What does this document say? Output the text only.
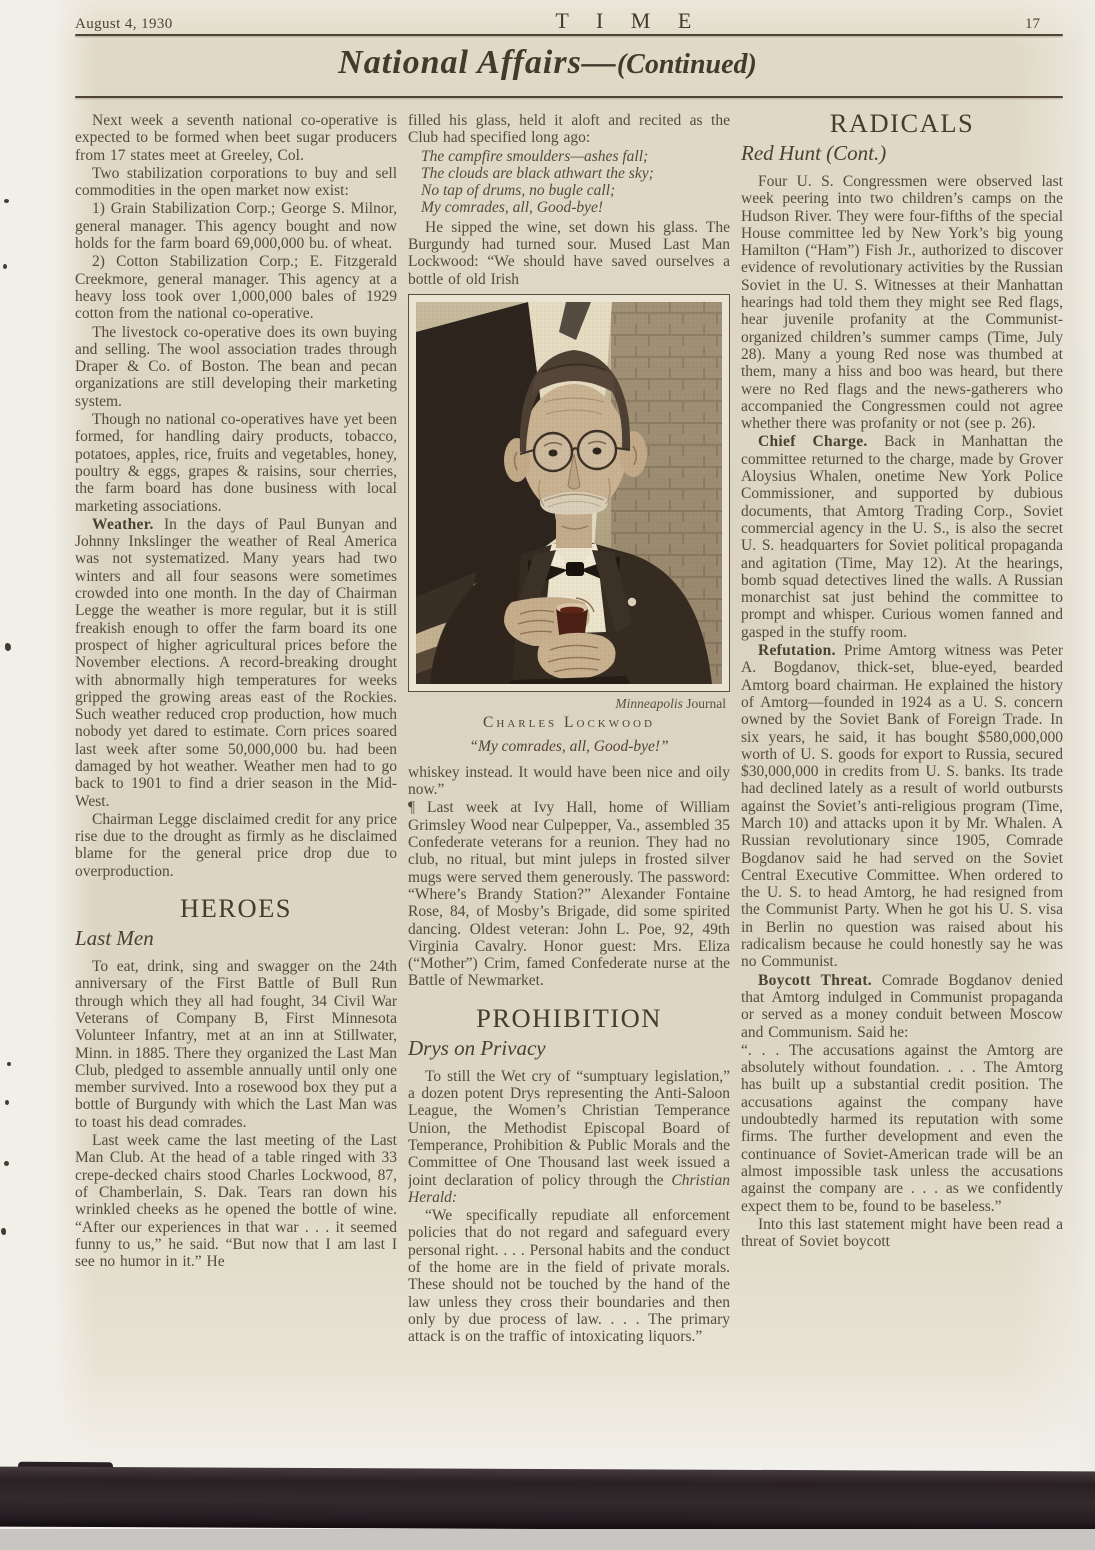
August 4, 1930	T I M E	17
National Affairs—(Continued)

Next week a seventh national co-operative is expected to be formed when beet sugar producers from 17 states meet at Greeley, Col.

Two stabilization corporations to buy and sell commodities in the open market now exist:

1) Grain Stabilization Corp.; George S. Milnor, general manager. This agency bought and now holds for the farm board 69,000,000 bu. of wheat.

2) Cotton Stabilization Corp.; E. Fitzgerald Creekmore, general manager. This agency at a heavy loss took over 1,000,000 bales of 1929 cotton from the national co-operative.

The livestock co-operative does its own buying and selling. The wool association trades through Draper & Co. of Boston. The bean and pecan organizations are still developing their marketing system.

Though no national co-operatives have yet been formed, for handling dairy products, tobacco, potatoes, apples, rice, fruits and vegetables, honey, poultry & eggs, grapes & raisins, sour cherries, the farm board has done business with local marketing associations.

Weather. In the days of Paul Bunyan and Johnny Inkslinger the weather of Real America was not systematized. Many years had two winters and all four seasons were sometimes crowded into one month. In the day of Chairman Legge the weather is more regular, but it is still freakish enough to offer the farm board its one prospect of higher agricultural prices before the November elections. A record-breaking drought with abnormally high temperatures for weeks gripped the growing areas east of the Rockies. Such weather reduced crop production, how much nobody yet dared to estimate. Corn prices soared last week after some 50,000,000 bu. had been damaged by hot weather. Weather men had to go back to 1901 to find a drier season in the Mid-West.

Chairman Legge disclaimed credit for any price rise due to the drought as firmly as he disclaimed blame for the general price drop due to overproduction.

HEROES
Last Men

To eat, drink, sing and swagger on the 24th anniversary of the First Battle of Bull Run through which they all had fought, 34 Civil War Veterans of Company B, First Minnesota Volunteer Infantry, met at an inn at Stillwater, Minn. in 1885. There they organized the Last Man Club, pledged to assemble annually until only one member survived. Into a rosewood box they put a bottle of Burgundy with which the Last Man was to toast his dead comrades.

Last week came the last meeting of the Last Man Club. At the head of a table ringed with 33 crepe-decked chairs stood Charles Lockwood, 87, of Chamberlain, S. Dak. Tears ran down his wrinkled cheeks as he opened the bottle of wine. “After our experiences in that war . . . it seemed funny to us,” he said. “But now that I am last I see no humor in it.” He

filled his glass, held it aloft and recited as the Club had specified long ago:

The campfire smoulders—ashes fall;
The clouds are black athwart the sky;
No tap of drums, no bugle call;
My comrades, all, Good-bye!

He sipped the wine, set down his glass. The Burgundy had turned sour. Mused Last Man Lockwood: “We should have saved ourselves a bottle of old Irish

Minneapolis Journal
Charles Lockwood
“My comrades, all, Good-bye!”

whiskey instead. It would have been nice and oily now.”

¶ Last week at Ivy Hall, home of William Grimsley Wood near Culpepper, Va., assembled 35 Confederate veterans for a reunion. They had no club, no ritual, but mint juleps in frosted silver mugs were served them generously. The password: “Where’s Brandy Station?” Alexander Fontaine Rose, 84, of Mosby’s Brigade, did some spirited dancing. Oldest veteran: John L. Poe, 92, 49th Virginia Cavalry. Honor guest: Mrs. Eliza (“Mother”) Crim, famed Confederate nurse at the Battle of Newmarket.

PROHIBITION
Drys on Privacy

To still the Wet cry of “sumptuary legislation,” a dozen potent Drys representing the Anti-Saloon League, the Women’s Christian Temperance Union, the Methodist Episcopal Board of Temperance, Prohibition & Public Morals and the Committee of One Thousand last week issued a joint declaration of policy through the Christian Herald:

“We specifically repudiate all enforcement policies that do not regard and safeguard every personal right. . . . Personal habits and the conduct of the home are in the field of private morals. These should not be touched by the hand of the law unless they cross their boundaries and then only by due process of law. . . . The primary attack is on the traffic of intoxicating liquors.”

RADICALS
Red Hunt (Cont.)

Four U. S. Congressmen were observed last week peering into two children’s camps on the Hudson River. They were four-fifths of the special House committee led by New York’s big young Hamilton (“Ham”) Fish Jr., authorized to discover evidence of revolutionary activities by the Russian Soviet in the U. S. Witnesses at their Manhattan hearings had told them they might see Red flags, hear juvenile profanity at the Communist-organized children’s summer camps (Time, July 28). Many a young Red nose was thumbed at them, many a hiss and boo was heard, but there were no Red flags and the news-gatherers who accompanied the Congressmen could not agree whether there was profanity or not (see p. 26).

Chief Charge. Back in Manhattan the committee returned to the charge, made by Grover Aloysius Whalen, onetime New York Police Commissioner, and supported by dubious documents, that Amtorg Trading Corp., Soviet commercial agency in the U. S., is also the secret U. S. headquarters for Soviet political propaganda and agitation (Time, May 12). At the hearings, bomb squad detectives lined the walls. A Russian monarchist sat just behind the committee to prompt and whisper. Curious women fanned and gasped in the stuffy room.

Refutation. Prime Amtorg witness was Peter A. Bogdanov, thick-set, blue-eyed, bearded Amtorg board chairman. He explained the history of Amtorg—founded in 1924 as a U. S. concern owned by the Soviet Bank of Foreign Trade. In six years, he said, it has bought $580,000,000 worth of U. S. goods for export to Russia, secured $30,000,000 in credits from U. S. banks. Its trade had declined lately as a result of world outbursts against the Soviet’s anti-religious program (Time, March 10) and attacks upon it by Mr. Whalen. A Russian revolutionary since 1905, Comrade Bogdanov said he had served on the Soviet Central Executive Committee. When ordered to the U. S. to head Amtorg, he had resigned from the Communist Party. When he got his U. S. visa in Berlin no question was raised about his radicalism because he could honestly say he was no Communist.

Boycott Threat. Comrade Bogdanov denied that Amtorg indulged in Communist propaganda or served as a money conduit between Moscow and Communism. Said he:

“. . . The accusations against the Amtorg are absolutely without foundation. . . . The Amtorg has built up a substantial credit position. The accusations against the company have undoubtedly harmed its reputation with some firms. The further development and even the continuance of Soviet-American trade will be an almost impossible task unless the accusations against the company are . . . as we confidently expect them to be, found to be baseless.”

Into this last statement might have been read a threat of Soviet boycott
